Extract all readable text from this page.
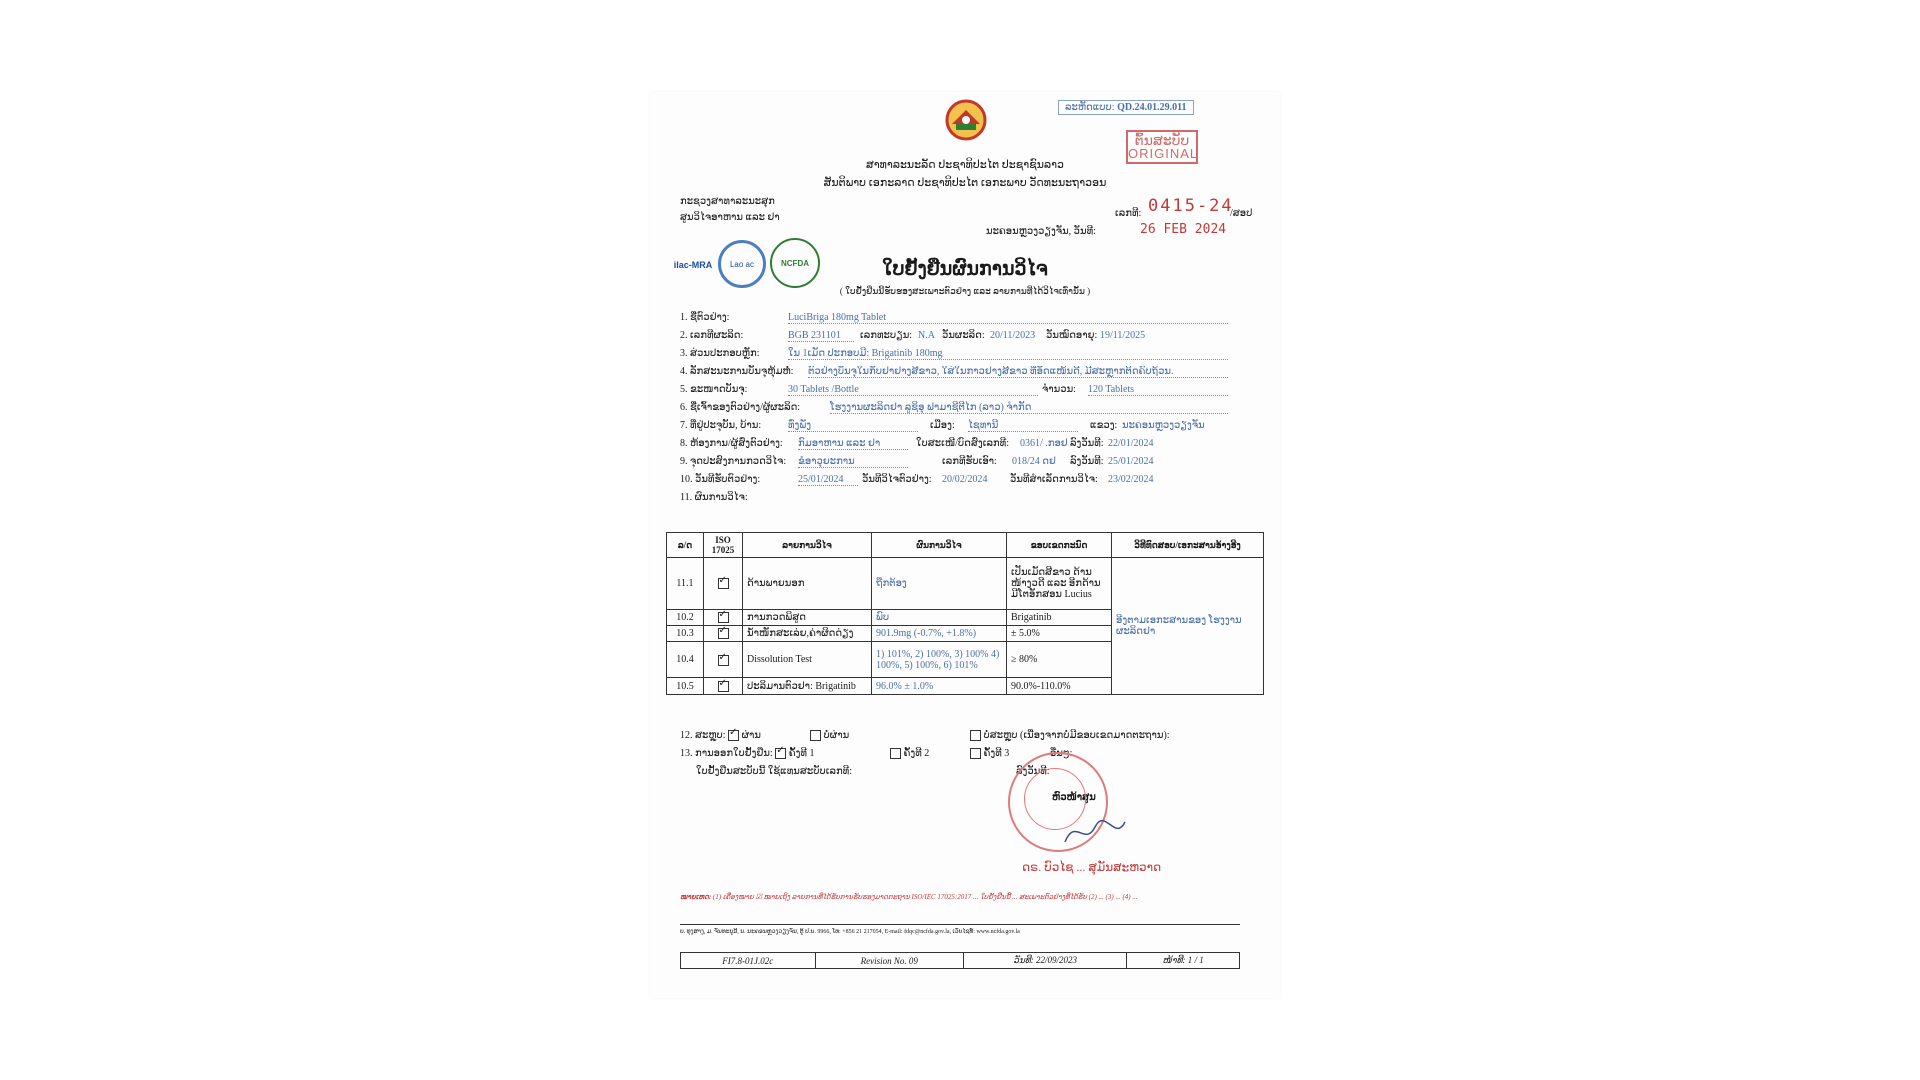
ລະຫັດແບບ: QD.24.01.29.011
ຕົ້ນສະບັບ
ORIGINAL
ສາທາລະນະລັດ ປະຊາທິປະໄຕ ປະຊາຊົນລາວ
ສັນຕິພາບ ເອກະລາດ ປະຊາທິປະໄຕ ເອກະພາບ ວັດທະນະຖາວອນ
ກະຊວງສາທາລະນະສຸກ
ສູນວິໄຈອາຫານ ແລະ ຢາ	ເລກທີ: 0415-24
/ສອປ
ນະຄອນຫຼວງວຽງຈັນ, ວັນທີ:	26 FEB 2024
ilac-MRA Lao ac	NCFDA	ໃບຢັ້ງຢືນຜົນການວິໄຈ
( ໃບຢັ້ງຢືນນີ້ຮັບຮອງສະເພາະຕົວຢ່າງ ແລະ ລາຍການທີ່ໄດ້ວິໄຈເທົ່ານັ້ນ )
1. ຊື່ຕົວຢ່າງ:	LuciBriga 180mg Tablet
2. ເລກທີຜະລິດ:	BGB 231101	ເລກທະບຽນ: N.A ວັນຜະລິດ: 20/11/2023 ວັນໝົດອາຍຸ: 19/11/2025
3. ສ່ວນປະກອບຫຼັກ:	ໃນ 1ເມັດ ປະກອບມີ: Brigatinib 180mg
4. ລັກສະນະການບັນຈຸຫຸ້ມຫໍ່: ຕົວຢ່າງບັນຈຸໃນກັບຢາຢາງສີຂາວ, ໃສ່ໃນກາວຢາງສີຂາວ ທີ່ອັດແໜ້ນດີ, ມີສະຫຼາກຕິດຄົບຖ້ວນ.
5. ຂະໜາດບັນຈຸ:	30 Tablets /Bottle	ຈຳນວນ: 120 Tablets
6. ຊື່ເຈົ້າຂອງຕົວຢ່າງ/ຜູ້ຜະລິດ:	ໂຮງງານຜະລິດຢາ ລູຊິອຸ ຟາມາຊີຕີໄກ (ລາວ) ຈຳກັດ
7. ທີ່ຢູ່ປະຈຸບັນ, ບ້ານ:	ທົ່ງພັງ	ເມືອງ: ໄຊທານີ	ແຂວງ: ນະຄອນຫຼວງວຽງຈັນ
8. ຫ້ອງການ/ຜູ້ສົ່ງຕົວຢ່າງ: ກົມອາຫານ ແລະ ຢາ	ໃບສະເໜີ/ບົດສົ່ງເລກທີ: 0361/ .ກອຢ ລົງວັນທີ: 22/01/2024
9. ຈຸດປະສົງການກວດວິໄຈ: ຂໍອາວຸຍະການ	ເລກທີຮັບເອົາ: 018/24 ດຢ ລົງວັນທີ: 25/01/2024
10. ວັນທີຮັບຕົວຢ່າງ:	25/01/2024	ວັນທີວິໄຈຕົວຢ່າງ: 20/02/2024 ວັນທີສຳເລັດການວິໄຈ: 23/02/2024
11. ຜົນການວິໄຈ:
ລ/ດ	ISO 17025	ລາຍການວິໄຈ	ຜົນການວິໄຈ	ຂອບເຂດກະນົດ	ວິທີທົດສອບ/ເອກະສານອ້າງອີງ
11.1	✓	ດ້ານພາຍນອກ	ຖືກຕ້ອງ	ເປັນເມັດສີຂາວ ດ້ານໜ້າງວດີ ແລະ ອີກດ້ານ ມີໂຕອັກສອນ Lucius	ອີງຕາມເອກະສານຂອງ ໂຮງງານຜະລິດຢາ
10.2	✓	ການກວດພິສູດ	ພົບ	Brigatinib	
10.3	✓	ນ້ຳໜັກສະເລ່ຍ,ຄ່າຜິດດ່ຽງ	901.9mg (-0.7%, +1.8%)	± 5.0%	
10.4	✓	Dissolution Test	1) 101%, 2) 100%, 3) 100% 4) 100%, 5) 100%, 6) 101%	≥ 80%	
10.5	✓	ປະລິມານຕົວຢາ: Brigatinib	96.0% ± 1.0%	90.0%-110.0%	
12. ສະຫຼຸບ: ✓ ຜ່ານ	ບໍ່ຜ່ານ	ບໍ່ສະຫຼຸບ (ເນື່ອງຈາກບໍ່ມີຂອບເຂດມາດຕະຖານ):
13. ການອອກໃບຢັ້ງຢືນ: ✓ ຄັ້ງທີ 1	ຄັ້ງທີ 2	ຄັ້ງທີ 3	ອື່ນໆ:
ໃບຢັ້ງຢືນສະບັບນີ້ ໃຊ້ແທນສະບັບເລກທີ:	ລົງວັນທີ:
ຫົວໜ້າສູນ
ດຣ. ບົວໄຊ ... ສຸມັນສະຫວາດ
ໝາຍເຫດ: (1) ເຄື່ອງໝາຍ ☑ ໝາຍເຖິງ ລາຍການທີ່ໄດ້ຮັບການຮັບຮອງມາດຕະຖານ ISO/IEC 17025:2017 ... ໃບຢັ້ງຢືນນີ້ ... ສະເພາະຕົວຢ່າງທີ່ໄດ້ຮັບ (2) ... (3) ... (4) ...
ບ. ທຸງສາງ, ມ. ຈັນທະບູລີ, ນ. ນະຄອນຫຼວງວຽງຈັນ, ຕູ້ ປ.ນ. 9966, ໂທ: +856 21 217054, E-mail: fdqc@ncfda.gov.la, ເວັບໄຊທ໌: www.ncfda.gov.la
FI7.8-01J.02c	Revision No. 09	ວັນທີ: 22/09/2023	ໜ້າທີ: 1 / 1
